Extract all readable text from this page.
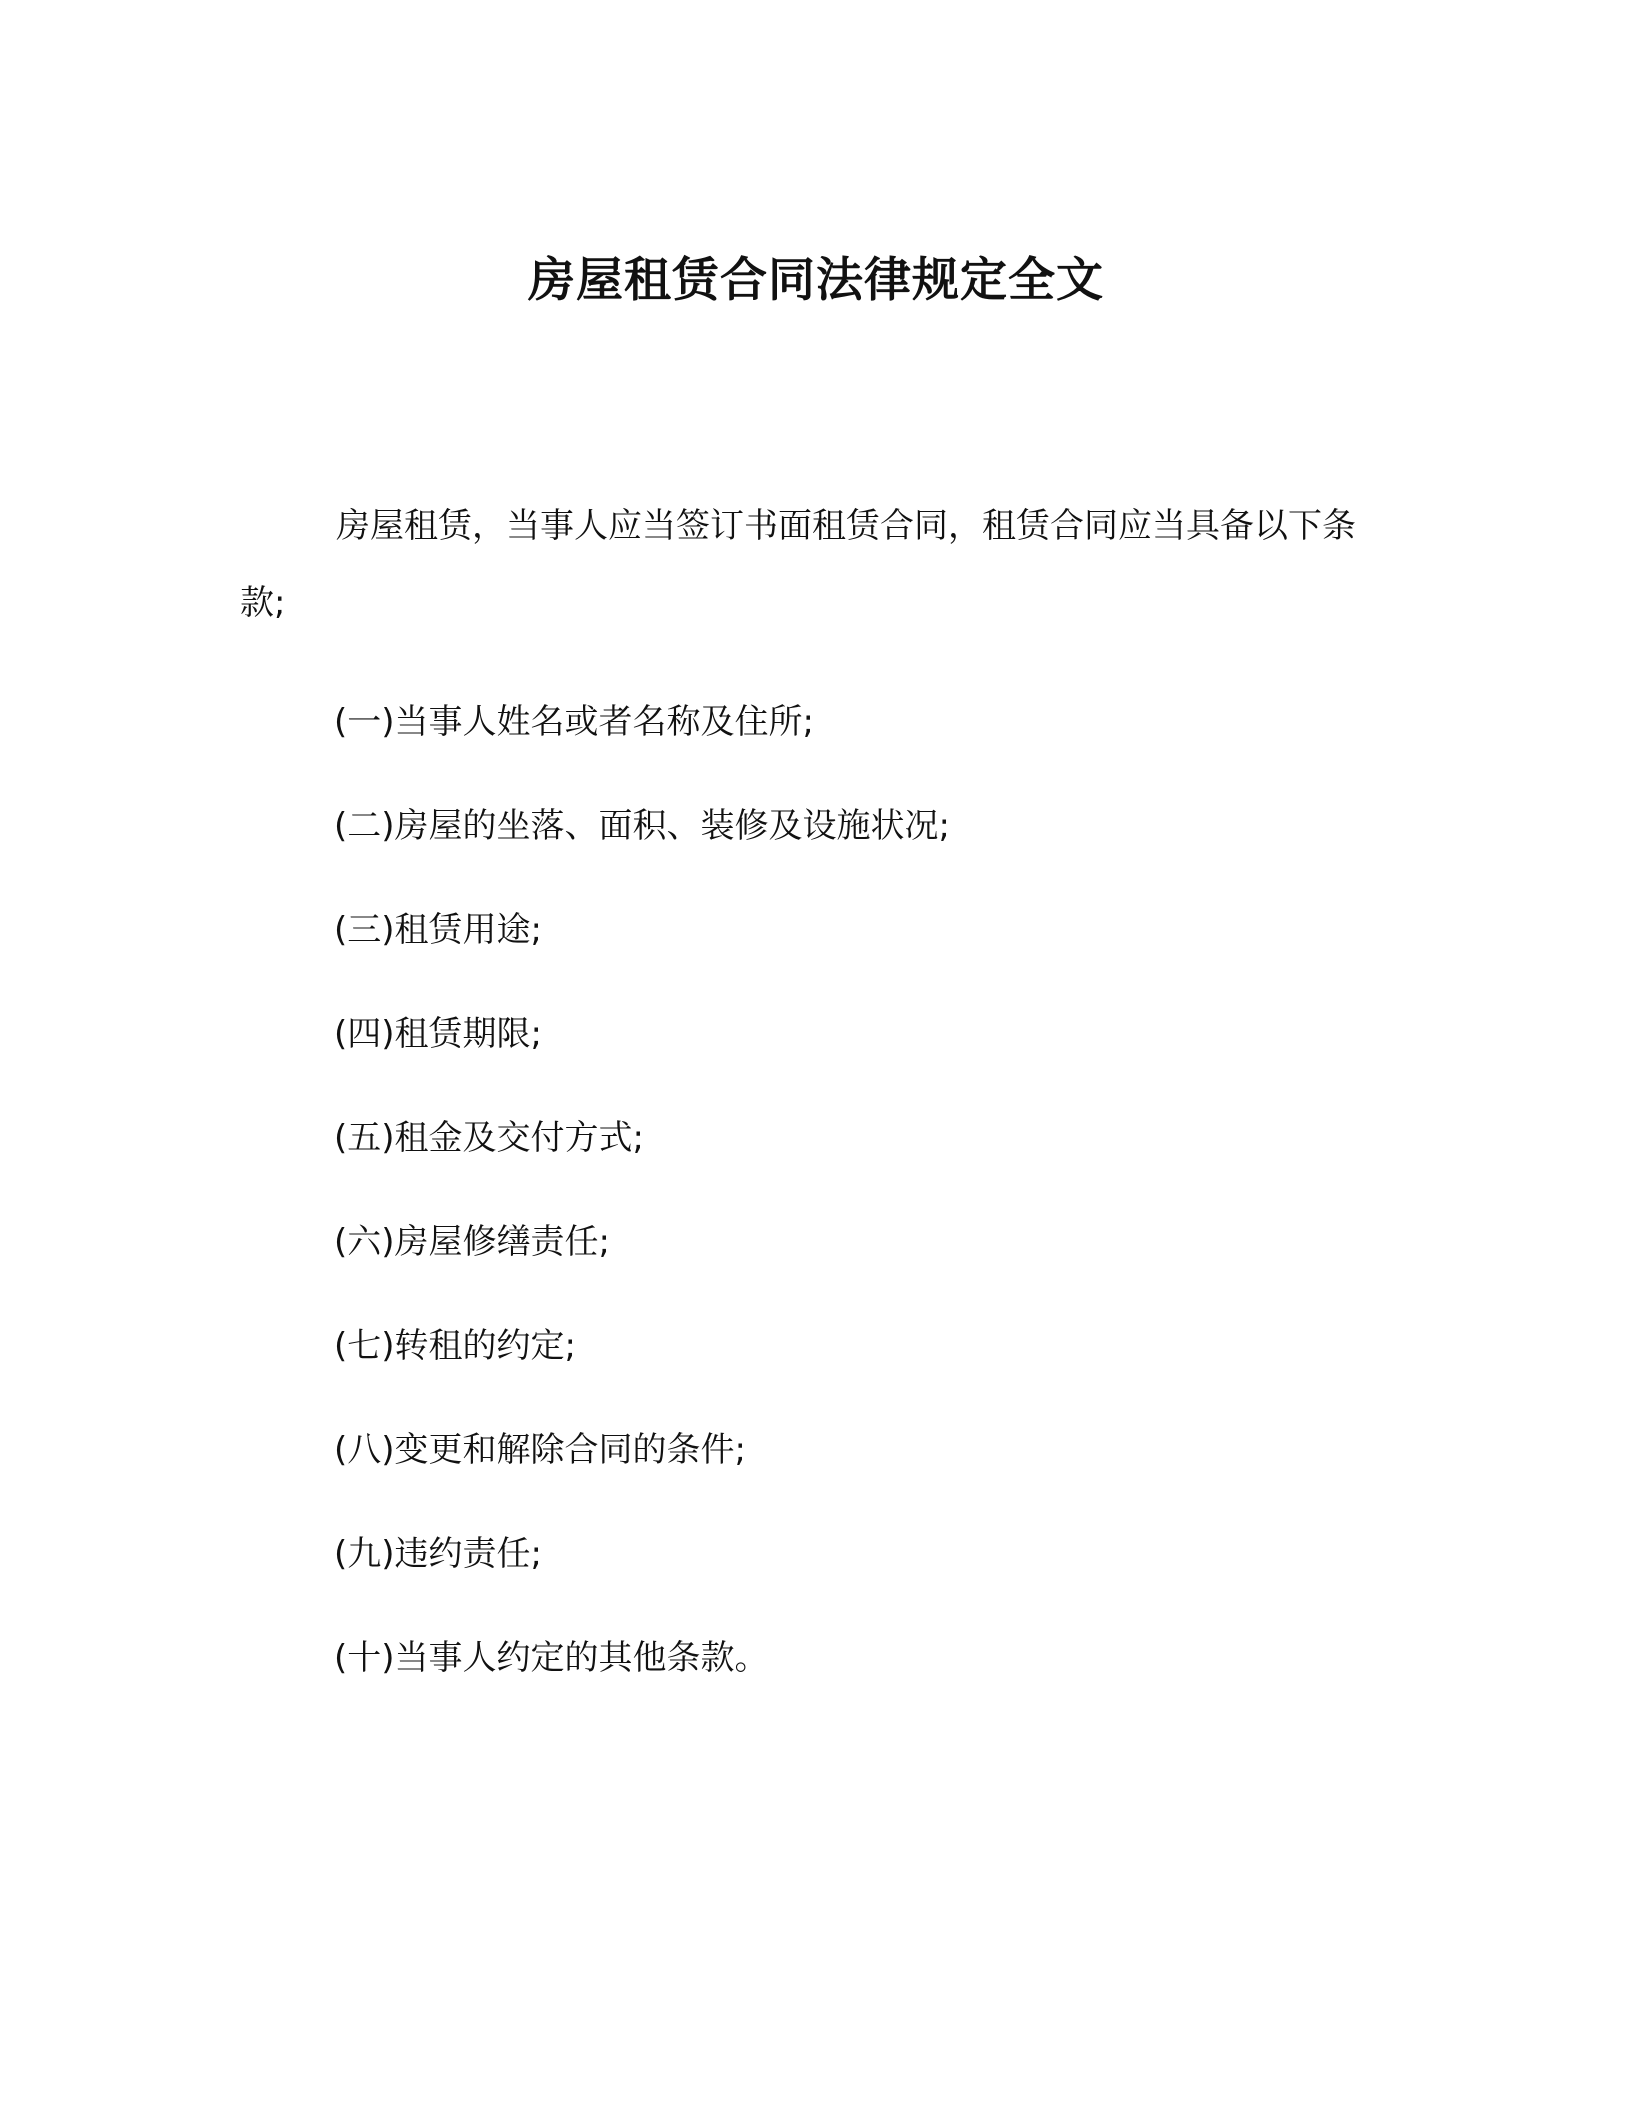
房屋租赁合同法律规定全文

房屋租赁，当事人应当签订书面租赁合同，租赁合同应当具备以下条款;

(一)当事人姓名或者名称及住所;
(二)房屋的坐落、面积、装修及设施状况;
(三)租赁用途;
(四)租赁期限;
(五)租金及交付方式;
(六)房屋修缮责任;
(七)转租的约定;
(八)变更和解除合同的条件;
(九)违约责任;
(十)当事人约定的其他条款。
